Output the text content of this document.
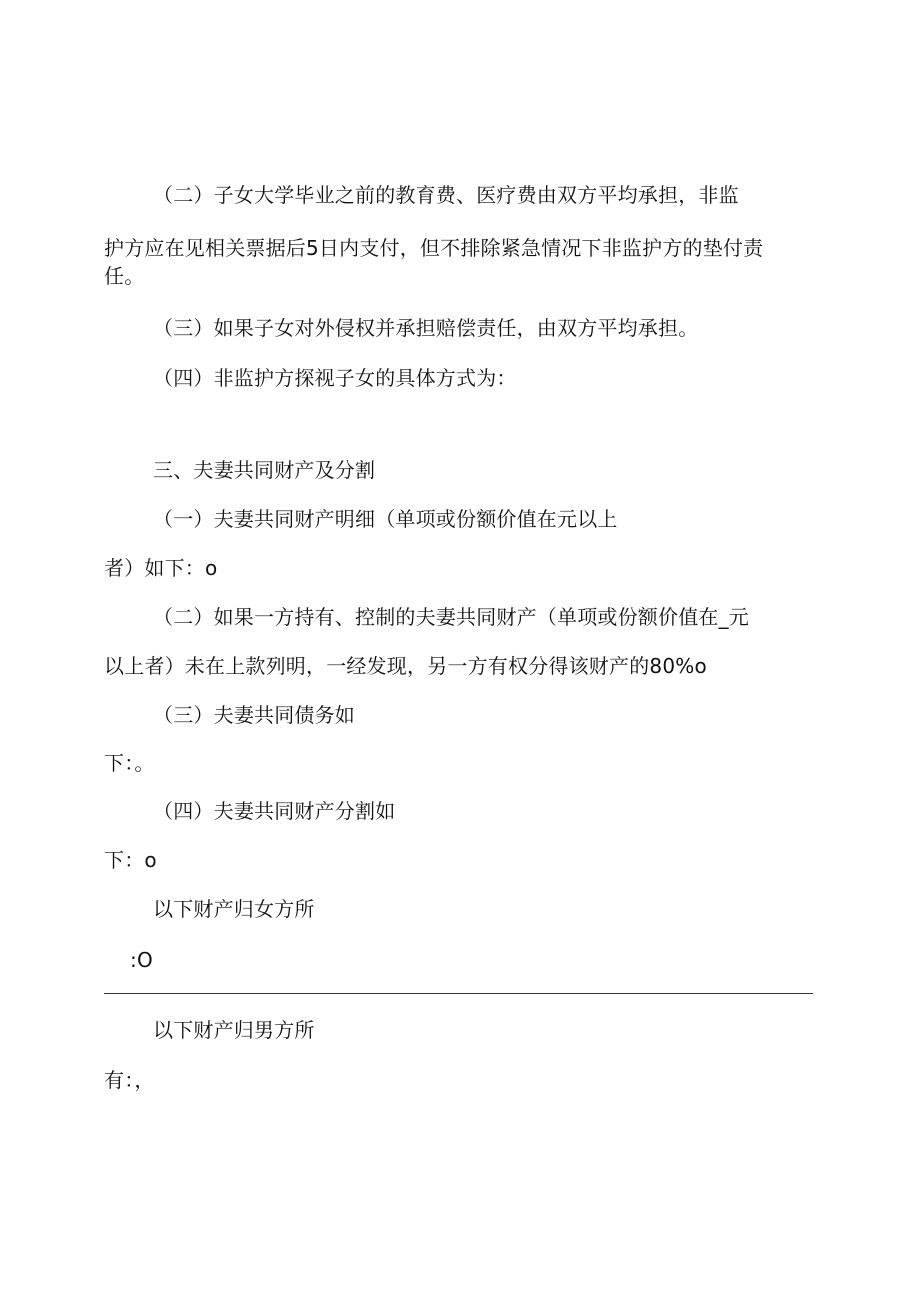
（二）子女大学毕业之前的教育费、医疗费由双方平均承担，非监
护方应在见相关票据后5日内支付，但不排除紧急情况下非监护方的垫付责
任。
（三）如果子女对外侵权并承担赔偿责任，由双方平均承担。
（四）非监护方探视子女的具体方式为：
三、夫妻共同财产及分割
（一）夫妻共同财产明细（单项或份额价值在元以上
者）如下：o
（二）如果一方持有、控制的夫妻共同财产（单项或份额价值在_元
以上者）未在上款列明，一经发现，另一方有权分得该财产的80%o
（三）夫妻共同债务如
下：。
（四）夫妻共同财产分割如
下：o
以下财产归女方所
:O
以下财产归男方所
有：，
